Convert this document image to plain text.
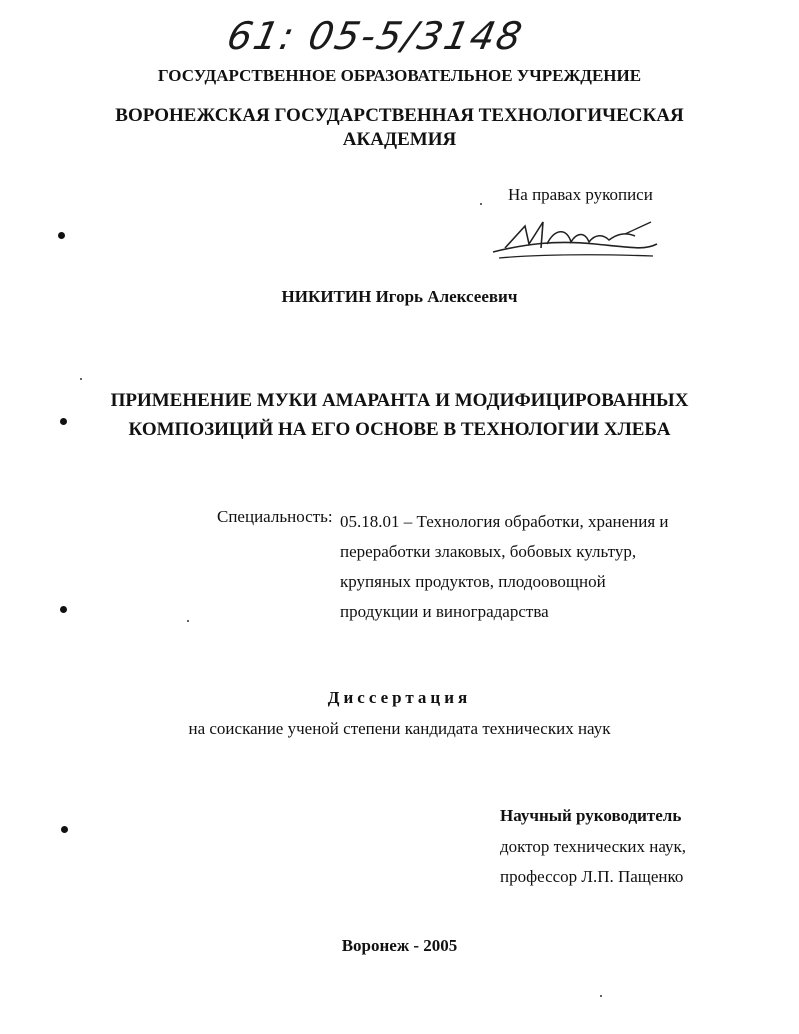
61: 05-5/3148
ГОСУДАРСТВЕННОЕ ОБРАЗОВАТЕЛЬНОЕ УЧРЕЖДЕНИЕ
ВОРОНЕЖСКАЯ ГОСУДАРСТВЕННАЯ ТЕХНОЛОГИЧЕСКАЯ
АКАДЕМИЯ
На правах рукописи
НИКИТИН Игорь Алексеевич
ПРИМЕНЕНИЕ МУКИ АМАРАНТА И МОДИФИЦИРОВАННЫХ
КОМПОЗИЦИЙ НА ЕГО ОСНОВЕ В ТЕХНОЛОГИИ ХЛЕБА
Специальность: 05.18.01 – Технология обработки, хранения и
переработки злаковых, бобовых культур,
крупяных продуктов, плодоовощной
продукции и виноградарства
Диссертация
на соискание ученой степени кандидата технических наук
Научный руководитель
доктор технических наук,
профессор Л.П. Пащенко
Воронеж - 2005
